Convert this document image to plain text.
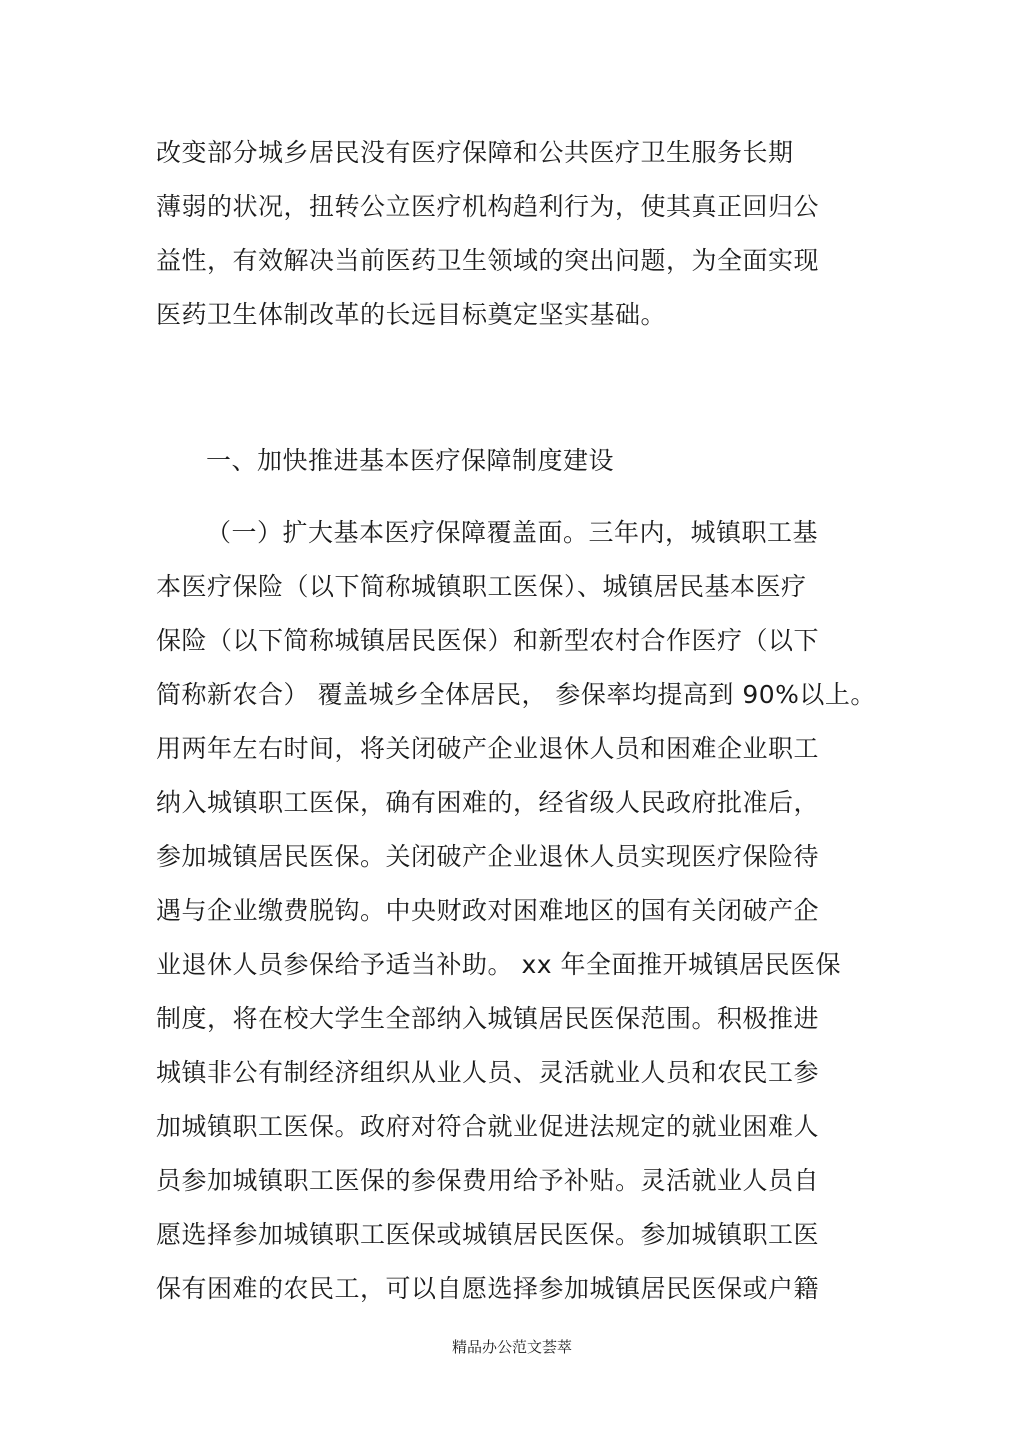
改变部分城乡居民没有医疗保障和公共医疗卫生服务长期
薄弱的状况，扭转公立医疗机构趋利行为，使其真正回归公
益性，有效解决当前医药卫生领域的突出问题，为全面实现
医药卫生体制改革的长远目标奠定坚实基础。
一、加快推进基本医疗保障制度建设
（一）扩大基本医疗保障覆盖面。三年内，城镇职工基
本医疗保险（以下简称城镇职工医保）、城镇居民基本医疗
保险（以下简称城镇居民医保）和新型农村合作医疗（以下
简称新农合） 覆盖城乡全体居民， 参保率均提高到 90%以上。
用两年左右时间，将关闭破产企业退休人员和困难企业职工
纳入城镇职工医保，确有困难的，经省级人民政府批准后，
参加城镇居民医保。关闭破产企业退休人员实现医疗保险待
遇与企业缴费脱钩。中央财政对困难地区的国有关闭破产企
业退休人员参保给予适当补助。 xx 年全面推开城镇居民医保
制度，将在校大学生全部纳入城镇居民医保范围。积极推进
城镇非公有制经济组织从业人员、灵活就业人员和农民工参
加城镇职工医保。政府对符合就业促进法规定的就业困难人
员参加城镇职工医保的参保费用给予补贴。灵活就业人员自
愿选择参加城镇职工医保或城镇居民医保。参加城镇职工医
保有困难的农民工，可以自愿选择参加城镇居民医保或户籍
精品办公范文荟萃
